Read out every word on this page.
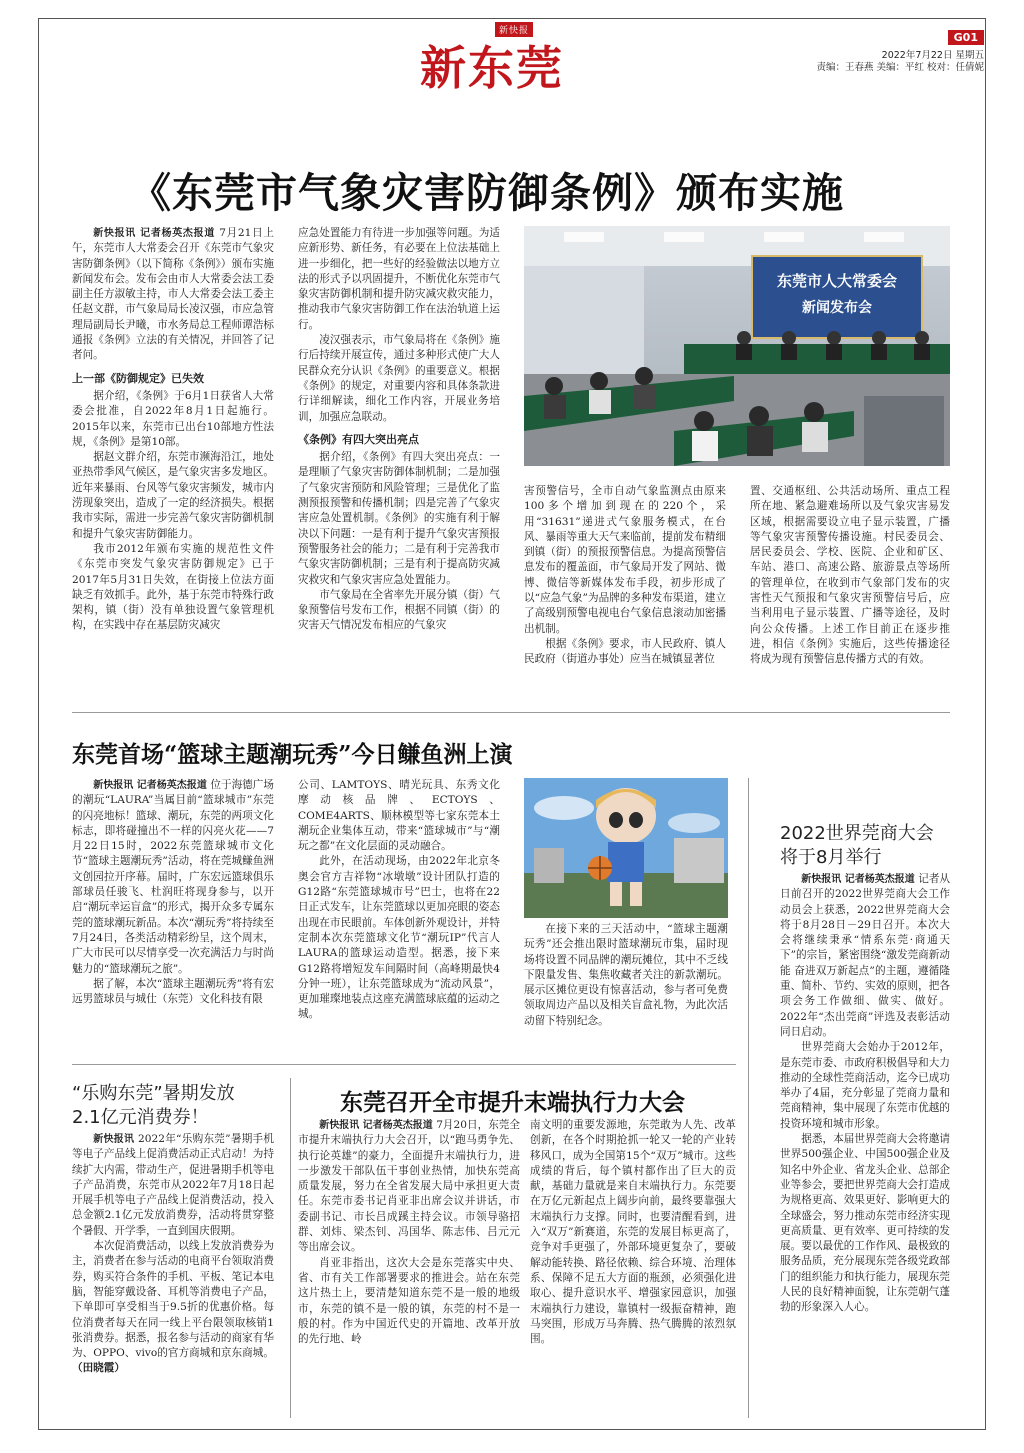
新快报
新东莞
G01
2022年7月22日 星期五
责编：王春燕 美编：平红 校对：任倩妮
《东莞市气象灾害防御条例》颁布实施

新快报讯 记者杨英杰报道 7月21日上午，东莞市人大常委会召开《东莞市气象灾害防御条例》（以下简称《条例》）颁布实施新闻发布会。发布会由市人大常委会法工委副主任方淑敏主持，市人大常委会法工委主任赵文群，市气象局局长凌汉强，市应急管理局副局长尹曦，市水务局总工程师谭浩标通报《条例》立法的有关情况，并回答了记者问。

上一部《防御规定》已失效

据介绍，《条例》于6月1日获省人大常委会批准，自2022年8月1日起施行。2015年以来，东莞市已出台10部地方性法规，《条例》是第10部。

据赵文群介绍，东莞市濒海沿江，地处亚热带季风气候区，是气象灾害多发地区。近年来暴雨、台风等气象灾害频发，城市内涝现象突出，造成了一定的经济损失。根据我市实际，需进一步完善气象灾害防御机制和提升气象灾害防御能力。

我市2012年颁布实施的规范性文件《东莞市突发气象灾害防御规定》已于2017年5月31日失效，在街接上位法方面缺乏有效抓手。此外，基于东莞市特殊行政架构，镇（街）没有单独设置气象管理机构，在实践中存在基层防灾减灾

应急处置能力有待进一步加强等问题。为适应新形势、新任务，有必要在上位法基础上进一步细化，把一些好的经验做法以地方立法的形式予以巩固提升，不断优化东莞市气象灾害防御机制和提升防灾减灾救灾能力，推动我市气象灾害防御工作在法治轨道上运行。

凌汉强表示，市气象局将在《条例》施行后持续开展宣传，通过多种形式使广大人民群众充分认识《条例》的重要意义。根据《条例》的规定，对重要内容和具体条款进行详细解读，细化工作内容，开展业务培训，加强应急联动。

《条例》有四大突出亮点

据介绍，《条例》有四大突出亮点：一是理顺了气象灾害防御体制机制；二是加强了气象灾害预防和风险管理；三是优化了监测预报预警和传播机制；四是完善了气象灾害应急处置机制。《条例》的实施有利于解决以下问题：一是有利于提升气象灾害预报预警服务社会的能力；二是有利于完善我市气象灾害防御机制；三是有利于提高防灾减灾救灾和气象灾害应急处置能力。

市气象局在全省率先开展分镇（街）气象预警信号发布工作，根据不同镇（街）的灾害天气情况发布相应的气象灾

东莞市人大常委会
新闻发布会

害预警信号，全市自动气象监测点由原来100多个增加到现在的220个，采用“31631”递进式气象服务模式，在台风、暴雨等重大天气来临前，提前发布精细到镇（街）的预报预警信息。为提高预警信息发布的覆盖面，市气象局开发了网站、微博、微信等新媒体发布手段，初步形成了以“应急气象”为品牌的多种发布渠道，建立了高级别预警电视电台气象信息滚动加密播出机制。

根据《条例》要求，市人民政府、镇人民政府（街道办事处）应当在城镇显著位

置、交通枢纽、公共活动场所、重点工程所在地、紧急避难场所以及气象灾害易发区域，根据需要设立电子显示装置，广播等气象灾害预警传播设施。村民委员会、居民委员会、学校、医院、企业和矿区、车站、港口、高速公路、旅游景点等场所的管理单位，在收到市气象部门发布的灾害性天气预报和气象灾害预警信号后，应当利用电子显示装置、广播等途径，及时向公众传播。上述工作目前正在逐步推进，相信《条例》实施后，这些传播途径将成为现有预警信息传播方式的有效。

东莞首场“篮球主题潮玩秀”今日鳒鱼洲上演

新快报讯 记者杨英杰报道 位于海德广场的潮玩“LAURA”当属目前“篮球城市”东莞的闪亮地标！篮球、潮玩，东莞的两项文化标志，即将碰撞出不一样的闪亮火花——7月22日15时，2022东莞篮球城市文化节“篮球主题潮玩秀”活动，将在莞城鳒鱼洲文创园拉开序幕。届时，广东宏远篮球俱乐部球员任骏飞、杜润旺将现身参与，以开启“潮玩幸运盲盒”的形式，揭开众多专属东莞的篮球潮玩新品。本次“潮玩秀”将持续至7月24日，各类活动精彩纷呈，这个周末，广大市民可以尽情享受一次充满活力与时尚魅力的“篮球潮玩之旅”。

据了解，本次“篮球主题潮玩秀”将有宏远男篮球员与城仕（东莞）文化科技有限

公司、LAMTOYS、晴光玩具、东秀文化摩动核品牌、ECTOYS、COME4ARTS、顺林模型等七家东莞本土潮玩企业集体互动，带来“篮球城市”与“潮玩之都”在文化层面的灵动融合。

此外，在活动现场，由2022年北京冬奥会官方吉祥物“冰墩墩”设计团队打造的G12路“东莞篮球城市号”巴士，也将在22日正式发车，让东莞篮球以更加亮眼的姿态出现在市民眼前。车体创新外观设计，并特定制本次东莞篮球文化节“潮玩IP”代言人LAURA的篮球运动造型。据悉，接下来G12路将增短发车间隔时间（高峰期最快4分钟一班），让东莞篮球成为“流动风景”，更加璀璨地装点这座充满篮球底蕴的运动之城。

在接下来的三天活动中，“篮球主题潮玩秀”还会推出限时篮球潮玩市集，届时现场将设置不同品牌的潮玩摊位，其中不乏线下限量发售、集焦收藏者关注的新款潮玩。展示区摊位更设有惊喜活动，参与者可免费领取周边产品以及相关盲盒礼物，为此次活动留下特别纪念。

2022世界莞商大会
将于8月举行

新快报讯 记者杨英杰报道 记者从日前召开的2022世界莞商大会工作动员会上获悉，2022世界莞商大会将于8月28日－29日召开。本次大会将继续秉承“情系东莞·商通天下”的宗旨，紧密围绕“激发莞商新动能 奋进双万新起点”的主题，遵循隆重、简朴、节约、实效的原则，把各项会务工作做细、做实、做好。2022年“杰出莞商”评选及表彰活动同日启动。

世界莞商大会始办于2012年，是东莞市委、市政府积极倡导和大力推动的全球性莞商活动，迄今已成功举办了4届，充分彰显了莞商力量和莞商精神，集中展现了东莞市优越的投资环境和城市形象。

据悉，本届世界莞商大会将邀请世界500强企业、中国500强企业及知名中外企业、省龙头企业、总部企业等参会，要把世界莞商大会打造成为规格更高、效果更好、影响更大的全球盛会，努力推动东莞市经济实现更高质量、更有效率、更可持续的发展。要以最优的工作作风、最极致的服务品质，充分展现东莞各级党政部门的组织能力和执行能力，展现东莞人民的良好精神面貌，让东莞朝气蓬勃的形象深入人心。

“乐购东莞”暑期发放
2.1亿元消费券！

新快报讯 2022年“乐购东莞”暑期手机等电子产品线上促消费活动正式启动！为持续扩大内需，带动生产，促进暑期手机等电子产品消费，东莞市从2022年7月18日起开展手机等电子产品线上促消费活动，投入总金额2.1亿元发放消费券，活动将贯穿整个暑假、开学季，一直到国庆假期。

本次促消费活动，以线上发放消费券为主，消费者在参与活动的电商平台领取消费券，购买符合条件的手机、平板、笔记本电脑，智能穿戴设备、耳机等消费电子产品，下单即可享受相当于9.5折的优惠价格。每位消费者每天在同一线上平台限领取核销1张消费券。据悉，报名参与活动的商家有华为、OPPO、vivo的官方商城和京东商城。 （田晓霞）

东莞召开全市提升末端执行力大会

新快报讯 记者杨英杰报道 7月20日，东莞全市提升末端执行力大会召开，以“跑马勇争先、执行论英雄”的豪力，全面提升末端执行力，进一步激发干部队伍干事创业热情，加快东莞高质量发展，努力在全省发展大局中承担更大责任。东莞市委书记肖亚非出席会议并讲话，市委副书记、市长吕成蹊主持会议。市领导骆招群、刘炜、梁杰钊、冯国华、陈志伟、吕元元等出席会议。

肖亚非指出，这次大会是东莞落实中央、省、市有关工作部署要求的推进会。站在东莞这片热土上，要清楚知道东莞不是一般的地级市，东莞的镇不是一般的镇，东莞的村不是一般的村。作为中国近代史的开篇地、改革开放的先行地、岭

南文明的重要发源地，东莞敢为人先、改革创新，在各个时期抢抓一轮又一轮的产业转移风口，成为全国第15个“双万”城市。这些成绩的背后，每个镇村都作出了巨大的贡献，基础力量就是来自末端执行力。东莞要在万亿元新起点上阔步向前，最终要靠强大末端执行力支撑。同时，也要清醒看到，进入“双万”新赛道，东莞的发展目标更高了，竞争对手更强了，外部环境更复杂了，要破解动能转换、路径依赖、综合环境、治理体系、保障不足五大方面的瓶颈，必须强化进取心、提升意识水平、增强家园意识，加强末端执行力建设，靠镇村一级振奋精神，跑马突围，形成万马奔腾、热气腾腾的浓烈氛围。
